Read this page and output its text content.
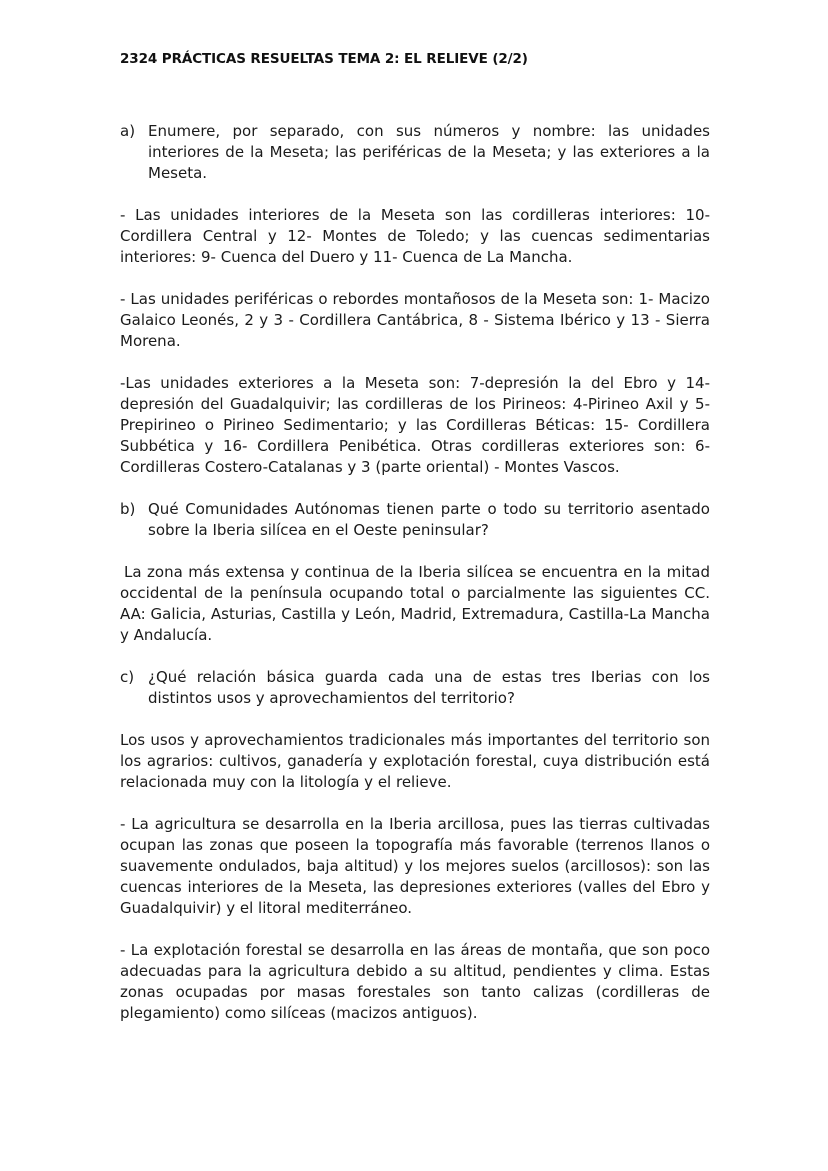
2324 PRÁCTICAS RESUELTAS TEMA 2: EL RELIEVE (2/2)

a) Enumere, por separado, con sus números y nombre: las unidades interiores de la Meseta; las periféricas de la Meseta; y las exteriores a la Meseta.

- Las unidades interiores de la Meseta son las cordilleras interiores: 10- Cordillera Central y 12- Montes de Toledo; y las cuencas sedimentarias interiores: 9- Cuenca del Duero y 11- Cuenca de La Mancha.

- Las unidades periféricas o rebordes montañosos de la Meseta son: 1- Macizo Galaico Leonés, 2 y 3 - Cordillera Cantábrica, 8 - Sistema Ibérico y 13 - Sierra Morena.

-Las unidades exteriores a la Meseta son: 7-depresión la del Ebro y 14- depresión del Guadalquivir; las cordilleras de los Pirineos: 4-Pirineo Axil y 5-Prepirineo o Pirineo Sedimentario; y las Cordilleras Béticas: 15- Cordillera Subbética y 16- Cordillera Penibética. Otras cordilleras exteriores son: 6- Cordilleras Costero-Catalanas y 3 (parte oriental) - Montes Vascos.

b) Qué Comunidades Autónomas tienen parte o todo su territorio asentado sobre la Iberia silícea en el Oeste peninsular?

La zona más extensa y continua de la Iberia silícea se encuentra en la mitad occidental de la península ocupando total o parcialmente las siguientes CC. AA: Galicia, Asturias, Castilla y León, Madrid, Extremadura, Castilla-La Mancha y Andalucía.

c) ¿Qué relación básica guarda cada una de estas tres Iberias con los distintos usos y aprovechamientos del territorio?

Los usos y aprovechamientos tradicionales más importantes del territorio son los agrarios: cultivos, ganadería y explotación forestal, cuya distribución está relacionada muy con la litología y el relieve.

- La agricultura se desarrolla en la Iberia arcillosa, pues las tierras cultivadas ocupan las zonas que poseen la topografía más favorable (terrenos llanos o suavemente ondulados, baja altitud) y los mejores suelos (arcillosos): son las cuencas interiores de la Meseta, las depresiones exteriores (valles del Ebro y Guadalquivir) y el litoral mediterráneo.

- La explotación forestal se desarrolla en las áreas de montaña, que son poco adecuadas para la agricultura debido a su altitud, pendientes y clima. Estas zonas ocupadas por masas forestales son tanto calizas (cordilleras de plegamiento) como silíceas (macizos antiguos).
